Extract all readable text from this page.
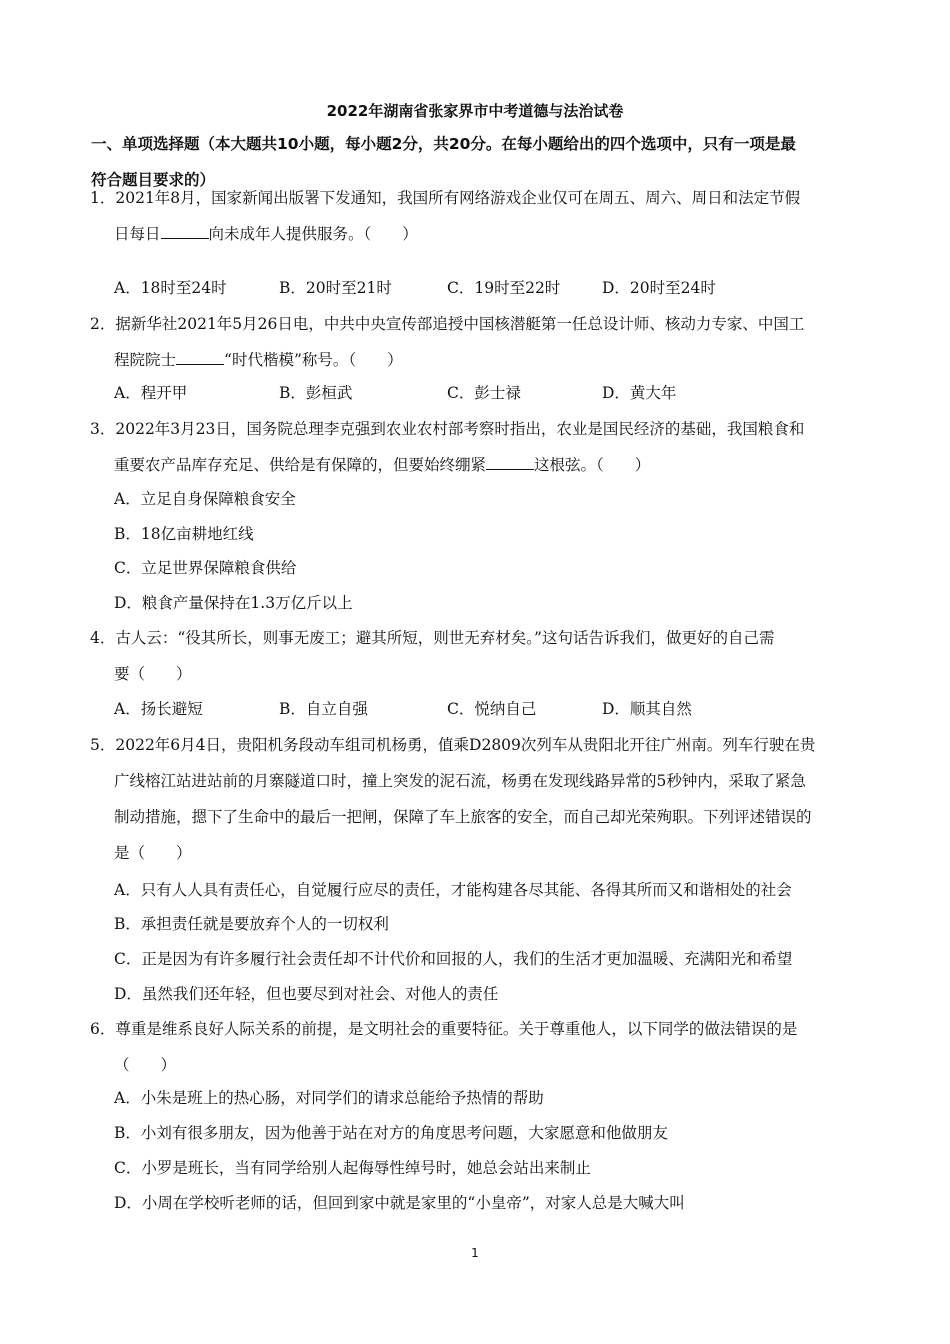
2022年湖南省张家界市中考道德与法治试卷
一、单项选择题（本大题共10小题，每小题2分，共20分。在每小题给出的四个选项中，只有一项是最
符合题目要求的）
1．2021年8月，国家新闻出版署下发通知，我国所有网络游戏企业仅可在周五、周六、周日和法定节假
日每日	向未成年人提供服务。（　　）
A．18时至24时	B．20时至21时	C．19时至22时	D．20时至24时
2．据新华社2021年5月26日电，中共中央宣传部追授中国核潜艇第一任总设计师、核动力专家、中国工
程院院士	“时代楷模”称号。（　　）
A．程开甲	B．彭桓武	C．彭士禄	D．黄大年
3．2022年3月23日，国务院总理李克强到农业农村部考察时指出，农业是国民经济的基础，我国粮食和
重要农产品库存充足、供给是有保障的，但要始终绷紧	这根弦。（　　）
A．立足自身保障粮食安全
B．18亿亩耕地红线
C．立足世界保障粮食供给
D．粮食产量保持在1.3万亿斤以上
4．古人云：“役其所长，则事无废工；避其所短，则世无弃材矣。”这句话告诉我们，做更好的自己需
要（　　）
A．扬长避短	B．自立自强	C．悦纳自己	D．顺其自然
5．2022年6月4日，贵阳机务段动车组司机杨勇，值乘D2809次列车从贵阳北开往广州南。列车行驶在贵
广线榕江站进站前的月寨隧道口时，撞上突发的泥石流，杨勇在发现线路异常的5秒钟内，采取了紧急
制动措施，摁下了生命中的最后一把闸，保障了车上旅客的安全，而自己却光荣殉职。下列评述错误的
是（　　）
A．只有人人具有责任心，自觉履行应尽的责任，才能构建各尽其能、各得其所而又和谐相处的社会
B．承担责任就是要放弃个人的一切权利
C．正是因为有许多履行社会责任却不计代价和回报的人，我们的生活才更加温暖、充满阳光和希望
D．虽然我们还年轻，但也要尽到对社会、对他人的责任
6．尊重是维系良好人际关系的前提，是文明社会的重要特征。关于尊重他人，以下同学的做法错误的是
（　　）
A．小朱是班上的热心肠，对同学们的请求总能给予热情的帮助
B．小刘有很多朋友，因为他善于站在对方的角度思考问题，大家愿意和他做朋友
C．小罗是班长，当有同学给别人起侮辱性绰号时，她总会站出来制止
D．小周在学校听老师的话，但回到家中就是家里的“小皇帝”，对家人总是大喊大叫
1
